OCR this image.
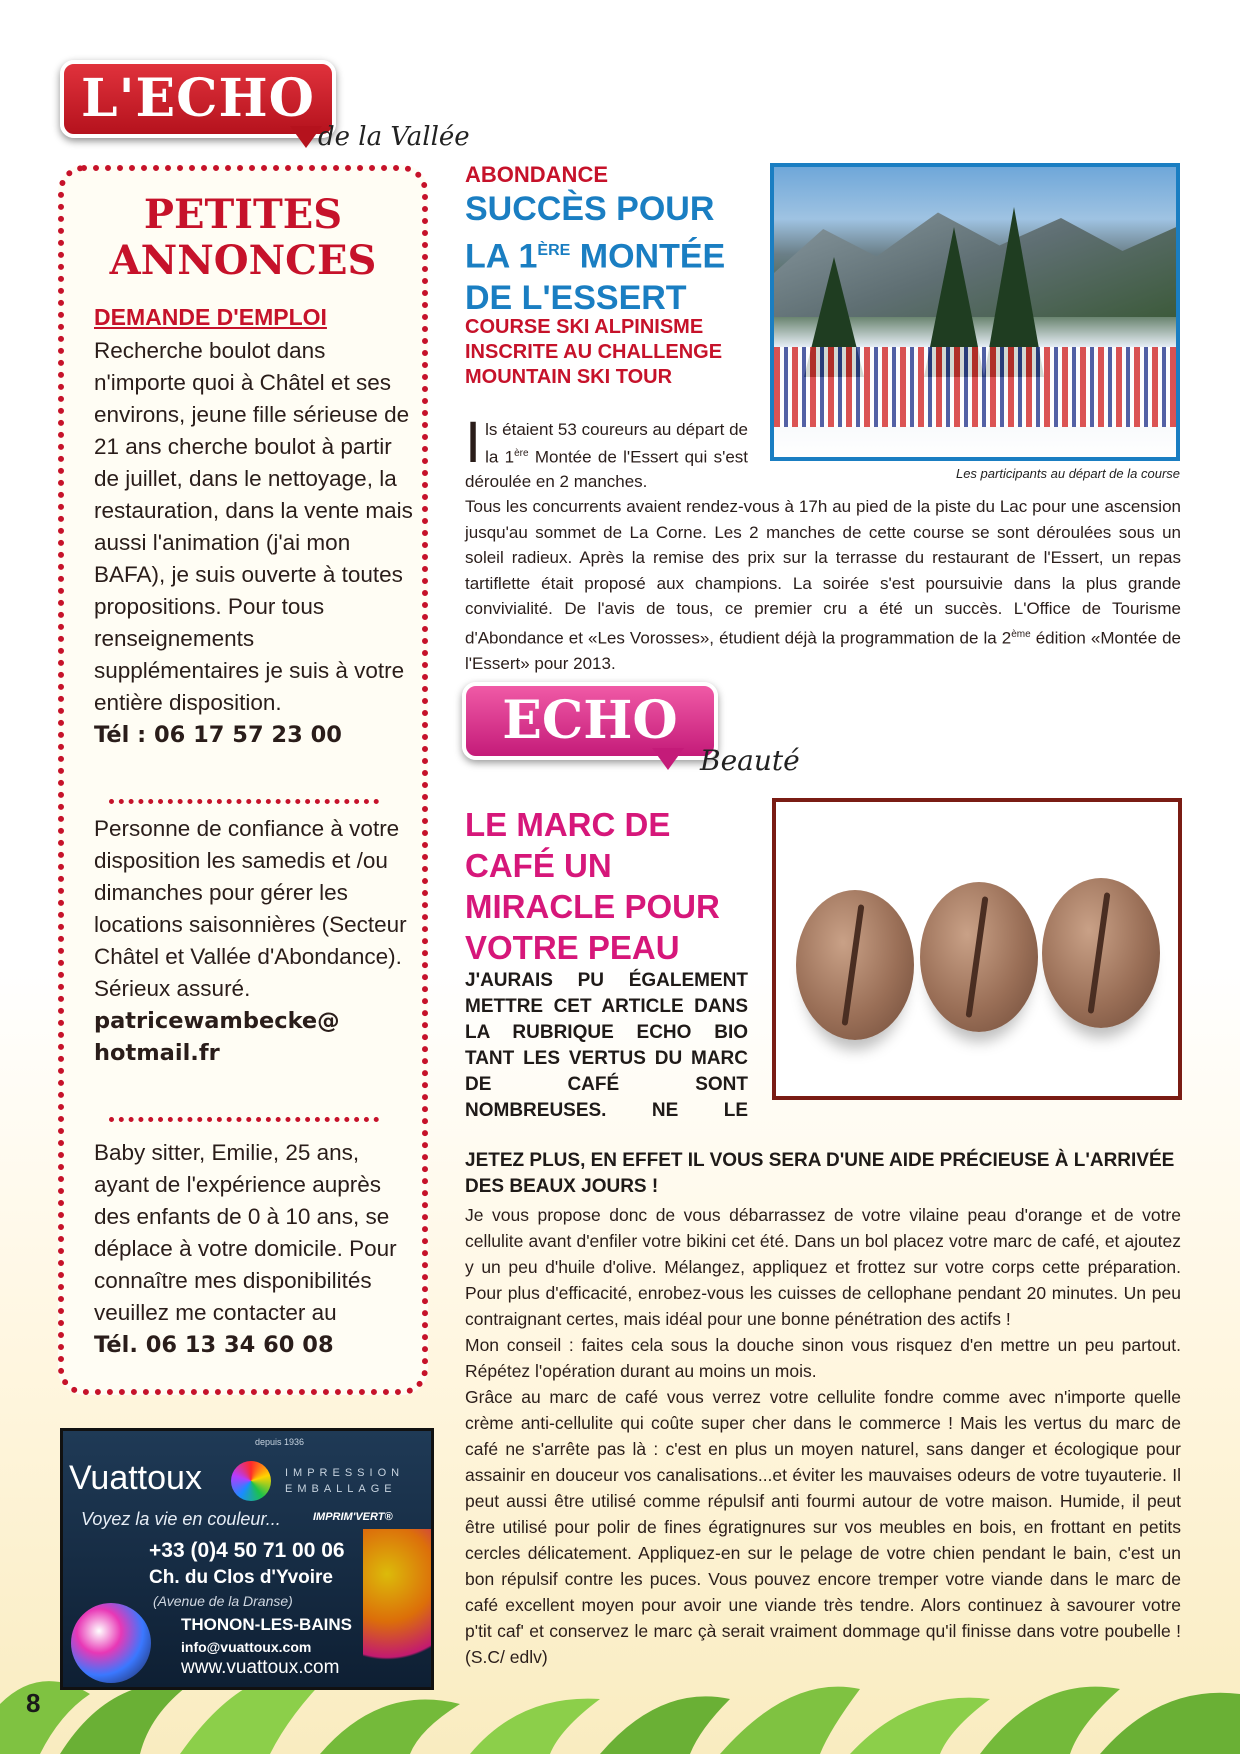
L'ECHO
de la Vallée
PETITES
ANNONCES
DEMANDE D'EMPLOI
Recherche boulot dans n'importe quoi à Châtel et ses environs, jeune fille sérieuse de 21 ans cherche boulot à partir de juillet, dans le nettoyage, la restauration, dans la vente mais aussi l'animation (j'ai mon BAFA), je suis ouverte à toutes propositions. Pour tous renseignements supplémentaires je suis à votre entière disposition.
Tél : 06 17 57 23 00
Personne de confiance à votre disposition les samedis et /ou dimanches pour gérer les locations saisonnières (Secteur Châtel et Vallée d'Abondance). Sérieux assuré.
patricewambecke@ hotmail.fr
Baby sitter, Emilie, 25 ans, ayant de l'expérience auprès des enfants de 0 à 10 ans, se déplace à votre domicile. Pour connaître mes disponibilités veuillez me contacter au
Tél. 06 13 34 60 08
depuis 1936
Vuattoux	IMPRESSION
EMBALLAGE
Voyez la vie en couleur...	IMPRIM'VERT®
+33 (0)4 50 71 00 06
Ch. du Clos d'Yvoire
(Avenue de la Dranse)
THONON-LES-BAINS
info@vuattoux.com
www.vuattoux.com
8
ABONDANCE
SUCCÈS POUR LA 1ÈRE MONTÉE DE L'ESSERT
COURSE SKI ALPINISME INSCRITE AU CHALLENGE MOUNTAIN SKI TOUR
Les participants au départ de la course
Ils étaient 53 coureurs au départ de la 1ère Montée de l'Essert qui s'est déroulée en 2 manches.
Tous les concurrents avaient rendez-vous à 17h au pied de la piste du Lac pour une ascension jusqu'au sommet de La Corne. Les 2 manches de cette course se sont déroulées sous un soleil radieux. Après la remise des prix sur la terrasse du restaurant de l'Essert, un repas tartiflette était proposé aux champions. La soirée s'est poursuivie dans la plus grande convivialité. De l'avis de tous, ce premier cru a été un succès. L'Office de Tourisme d'Abondance et «Les Vorosses», étudient déjà la programmation de la 2ème édition «Montée de l'Essert» pour 2013.
ECHO
Beauté
LE MARC DE CAFÉ UN MIRACLE POUR VOTRE PEAU
J'AURAIS PU ÉGALEMENT METTRE CET ARTICLE DANS LA RUBRIQUE ECHO BIO TANT LES VERTUS DU MARC DE CAFÉ SONT NOMBREUSES. NE LE
JETEZ PLUS, EN EFFET IL VOUS SERA D'UNE AIDE PRÉCIEUSE À L'ARRIVÉE DES BEAUX JOURS !

Je vous propose donc de vous débarrassez de votre vilaine peau d'orange et de votre cellulite avant d'enfiler votre bikini cet été. Dans un bol placez votre marc de café, et ajoutez y un peu d'huile d'olive. Mélangez, appliquez et frottez sur votre corps cette préparation. Pour plus d'efficacité, enrobez-vous les cuisses de cellophane pendant 20 minutes. Un peu contraignant certes, mais idéal pour une bonne pénétration des actifs !

Mon conseil : faites cela sous la douche sinon vous risquez d'en mettre un peu partout. Répétez l'opération durant au moins un mois.

Grâce au marc de café vous verrez votre cellulite fondre comme avec n'importe quelle crème anti-cellulite qui coûte super cher dans le commerce ! Mais les vertus du marc de café ne s'arrête pas là : c'est en plus un moyen naturel, sans danger et écologique pour assainir en douceur vos canalisations...et éviter les mauvaises odeurs de votre tuyauterie. Il peut aussi être utilisé comme répulsif anti fourmi autour de votre maison. Humide, il peut être utilisé pour polir de fines égratignures sur vos meubles en bois, en frottant en petits cercles délicatement. Appliquez-en sur le pelage de votre chien pendant le bain, c'est un bon répulsif contre les puces. Vous pouvez encore tremper votre viande dans le marc de café excellent moyen pour avoir une viande très tendre. Alors continuez à savourer votre p'tit caf' et conservez le marc çà serait vraiment dommage qu'il finisse dans votre poubelle ! (S.C/ edlv)
